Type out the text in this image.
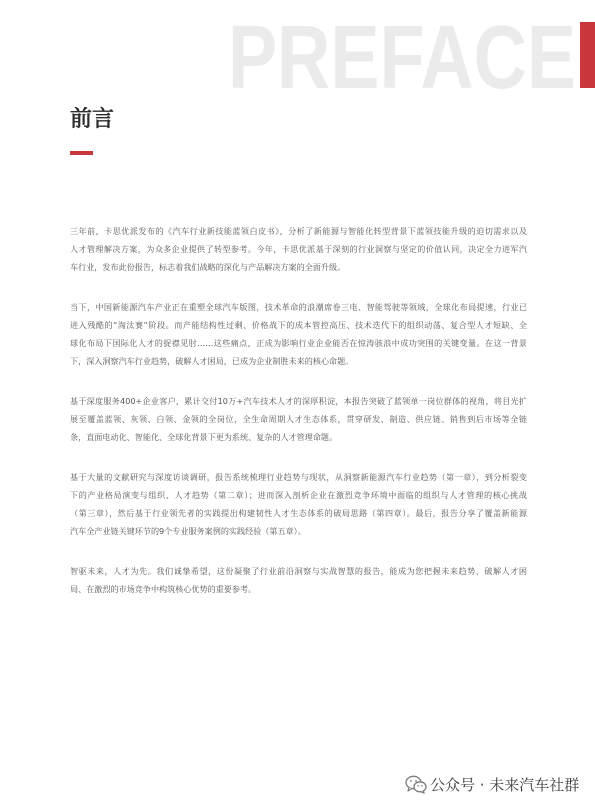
PREFACE
前言

三年前，卡思优派发布的《汽车行业新技能蓝领白皮书》，分析了新能源与智能化转型背景下蓝领技能升级的迫切需求以及
人才管理解决方案，为众多企业提供了转型参考。今年，卡思优派基于深刻的行业洞察与坚定的价值认同，决定全力进军汽
车行业，发布此份报告，标志着我们战略的深化与产品解决方案的全面升级。

当下，中国新能源汽车产业正在重塑全球汽车版图，技术革命的浪潮席卷三电、智能驾驶等领域，全球化布局提速，行业已
进入残酷的“淘汰赛”阶段。而产能结构性过剩、价格战下的成本管控高压、技术迭代下的组织动荡、复合型人才短缺、全
球化布局下国际化人才的捉襟见肘……这些痛点，正成为影响行业企业能否在惊涛骇浪中成功突围的关键变量。在这一背景
下，深入洞察汽车行业趋势，破解人才困局，已成为企业制胜未来的核心命题。

基于深度服务400+企业客户，累计交付10万+汽车技术人才的深厚积淀，本报告突破了蓝领单一岗位群体的视角，将目光扩
展至覆盖蓝领、灰领、白领、金领的全岗位，全生命周期人才生态体系，贯穿研发、制造、供应链、销售到后市场等全链
条，直面电动化、智能化、全球化背景下更为系统、复杂的人才管理命题。

基于大量的文献研究与深度访谈调研，报告系统梳理行业趋势与现状，从洞察新能源汽车行业趋势（第一章），到分析裂变
下的产业格局演变与组织、人才趋势（第二章）；进而深入剖析企业在激烈竞争环境中面临的组织与人才管理的核心挑战
（第三章），然后基于行业领先者的实践提出构建韧性人才生态体系的破局思路（第四章）。最后，报告分享了覆盖新能源
汽车全产业链关键环节的9个专业服务案例的实践经验（第五章）。

智驱未来，人才为先。我们诚挚希望，这份凝聚了行业前沿洞察与实战智慧的报告，能成为您把握未来趋势、破解人才困
局、在激烈的市场竞争中构筑核心优势的重要参考。

公众号 · 未来汽车社群
